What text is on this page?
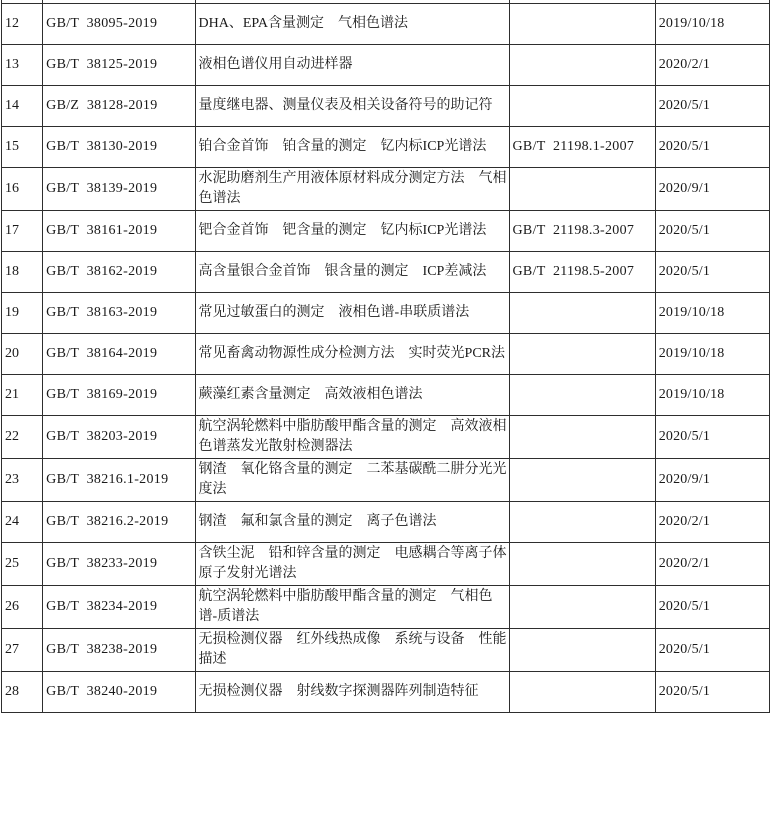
12	GB/T  38095-2019	DHA、EPA含量测定　气相色谱法		2019/10/18
13	GB/T  38125-2019	液相色谱仪用自动进样器		2020/2/1
14	GB/Z  38128-2019	量度继电器、测量仪表及相关设备符号的助记符		2020/5/1
15	GB/T  38130-2019	铂合金首饰　铂含量的测定　钇内标ICP光谱法	GB/T  21198.1-2007	2020/5/1
16	GB/T  38139-2019	水泥助磨剂生产用液体原材料成分测定方法　气相色谱法		2020/9/1
17	GB/T  38161-2019	钯合金首饰　钯含量的测定　钇内标ICP光谱法	GB/T  21198.3-2007	2020/5/1
18	GB/T  38162-2019	高含量银合金首饰　银含量的测定　ICP差减法	GB/T  21198.5-2007	2020/5/1
19	GB/T  38163-2019	常见过敏蛋白的测定　液相色谱-串联质谱法		2019/10/18
20	GB/T  38164-2019	常见畜禽动物源性成分检测方法　实时荧光PCR法		2019/10/18
21	GB/T  38169-2019	蕨藻红素含量测定　高效液相色谱法		2019/10/18
22	GB/T  38203-2019	航空涡轮燃料中脂肪酸甲酯含量的测定　高效液相色谱蒸发光散射检测器法		2020/5/1
23	GB/T  38216.1-2019	钢渣　氧化铬含量的测定　二苯基碳酰二肼分光光度法		2020/9/1
24	GB/T  38216.2-2019	钢渣　氟和氯含量的测定　离子色谱法		2020/2/1
25	GB/T  38233-2019	含铁尘泥　铅和锌含量的测定　电感耦合等离子体原子发射光谱法		2020/2/1
26	GB/T  38234-2019	航空涡轮燃料中脂肪酸甲酯含量的测定　气相色谱-质谱法		2020/5/1
27	GB/T  38238-2019	无损检测仪器　红外线热成像　系统与设备　性能描述		2020/5/1
28	GB/T  38240-2019	无损检测仪器　射线数字探测器阵列制造特征		2020/5/1
